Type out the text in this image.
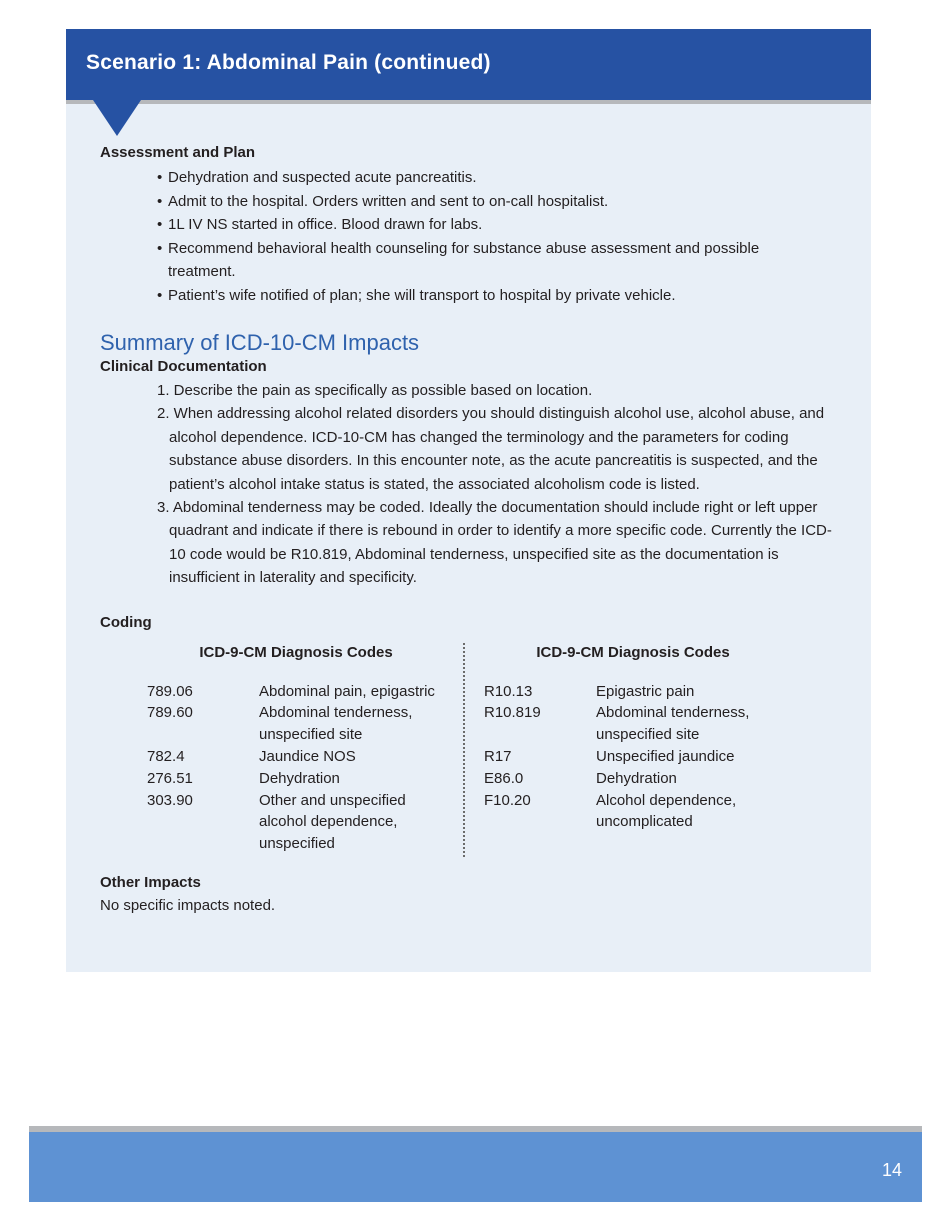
Scenario 1: Abdominal Pain (continued)
Assessment and Plan
• Dehydration and suspected acute pancreatitis.
• Admit to the hospital. Orders written and sent to on-call hospitalist.
• 1L IV NS started in office. Blood drawn for labs.
• Recommend behavioral health counseling for substance abuse assessment and possible treatment.
• Patient’s wife notified of plan; she will transport to hospital by private vehicle.
Summary of ICD-10-CM Impacts
Clinical Documentation
1. Describe the pain as specifically as possible based on location.
2. When addressing alcohol related disorders you should distinguish alcohol use, alcohol abuse, and alcohol dependence. ICD-10-CM has changed the terminology and the parameters for coding substance abuse disorders. In this encounter note, as the acute pancreatitis is suspected, and the patient’s alcohol intake status is stated, the associated alcoholism code is listed.
3. Abdominal tenderness may be coded. Ideally the documentation should include right or left upper quadrant and indicate if there is rebound in order to identify a more specific code. Currently the ICD-10 code would be R10.819, Abdominal tenderness, unspecified site as the documentation is insufficient in laterality and specificity.
Coding
ICD-9-CM Diagnosis Codes
789.06	Abdominal pain, epigastric
789.60	Abdominal tenderness, unspecified site
782.4	Jaundice NOS
276.51	Dehydration
303.90	Other and unspecified alcohol dependence, unspecified
ICD-9-CM Diagnosis Codes
R10.13	Epigastric pain
R10.819	Abdominal tenderness, unspecified site
R17	Unspecified jaundice
E86.0	Dehydration
F10.20	Alcohol dependence, uncomplicated
Other Impacts
No specific impacts noted.
14
